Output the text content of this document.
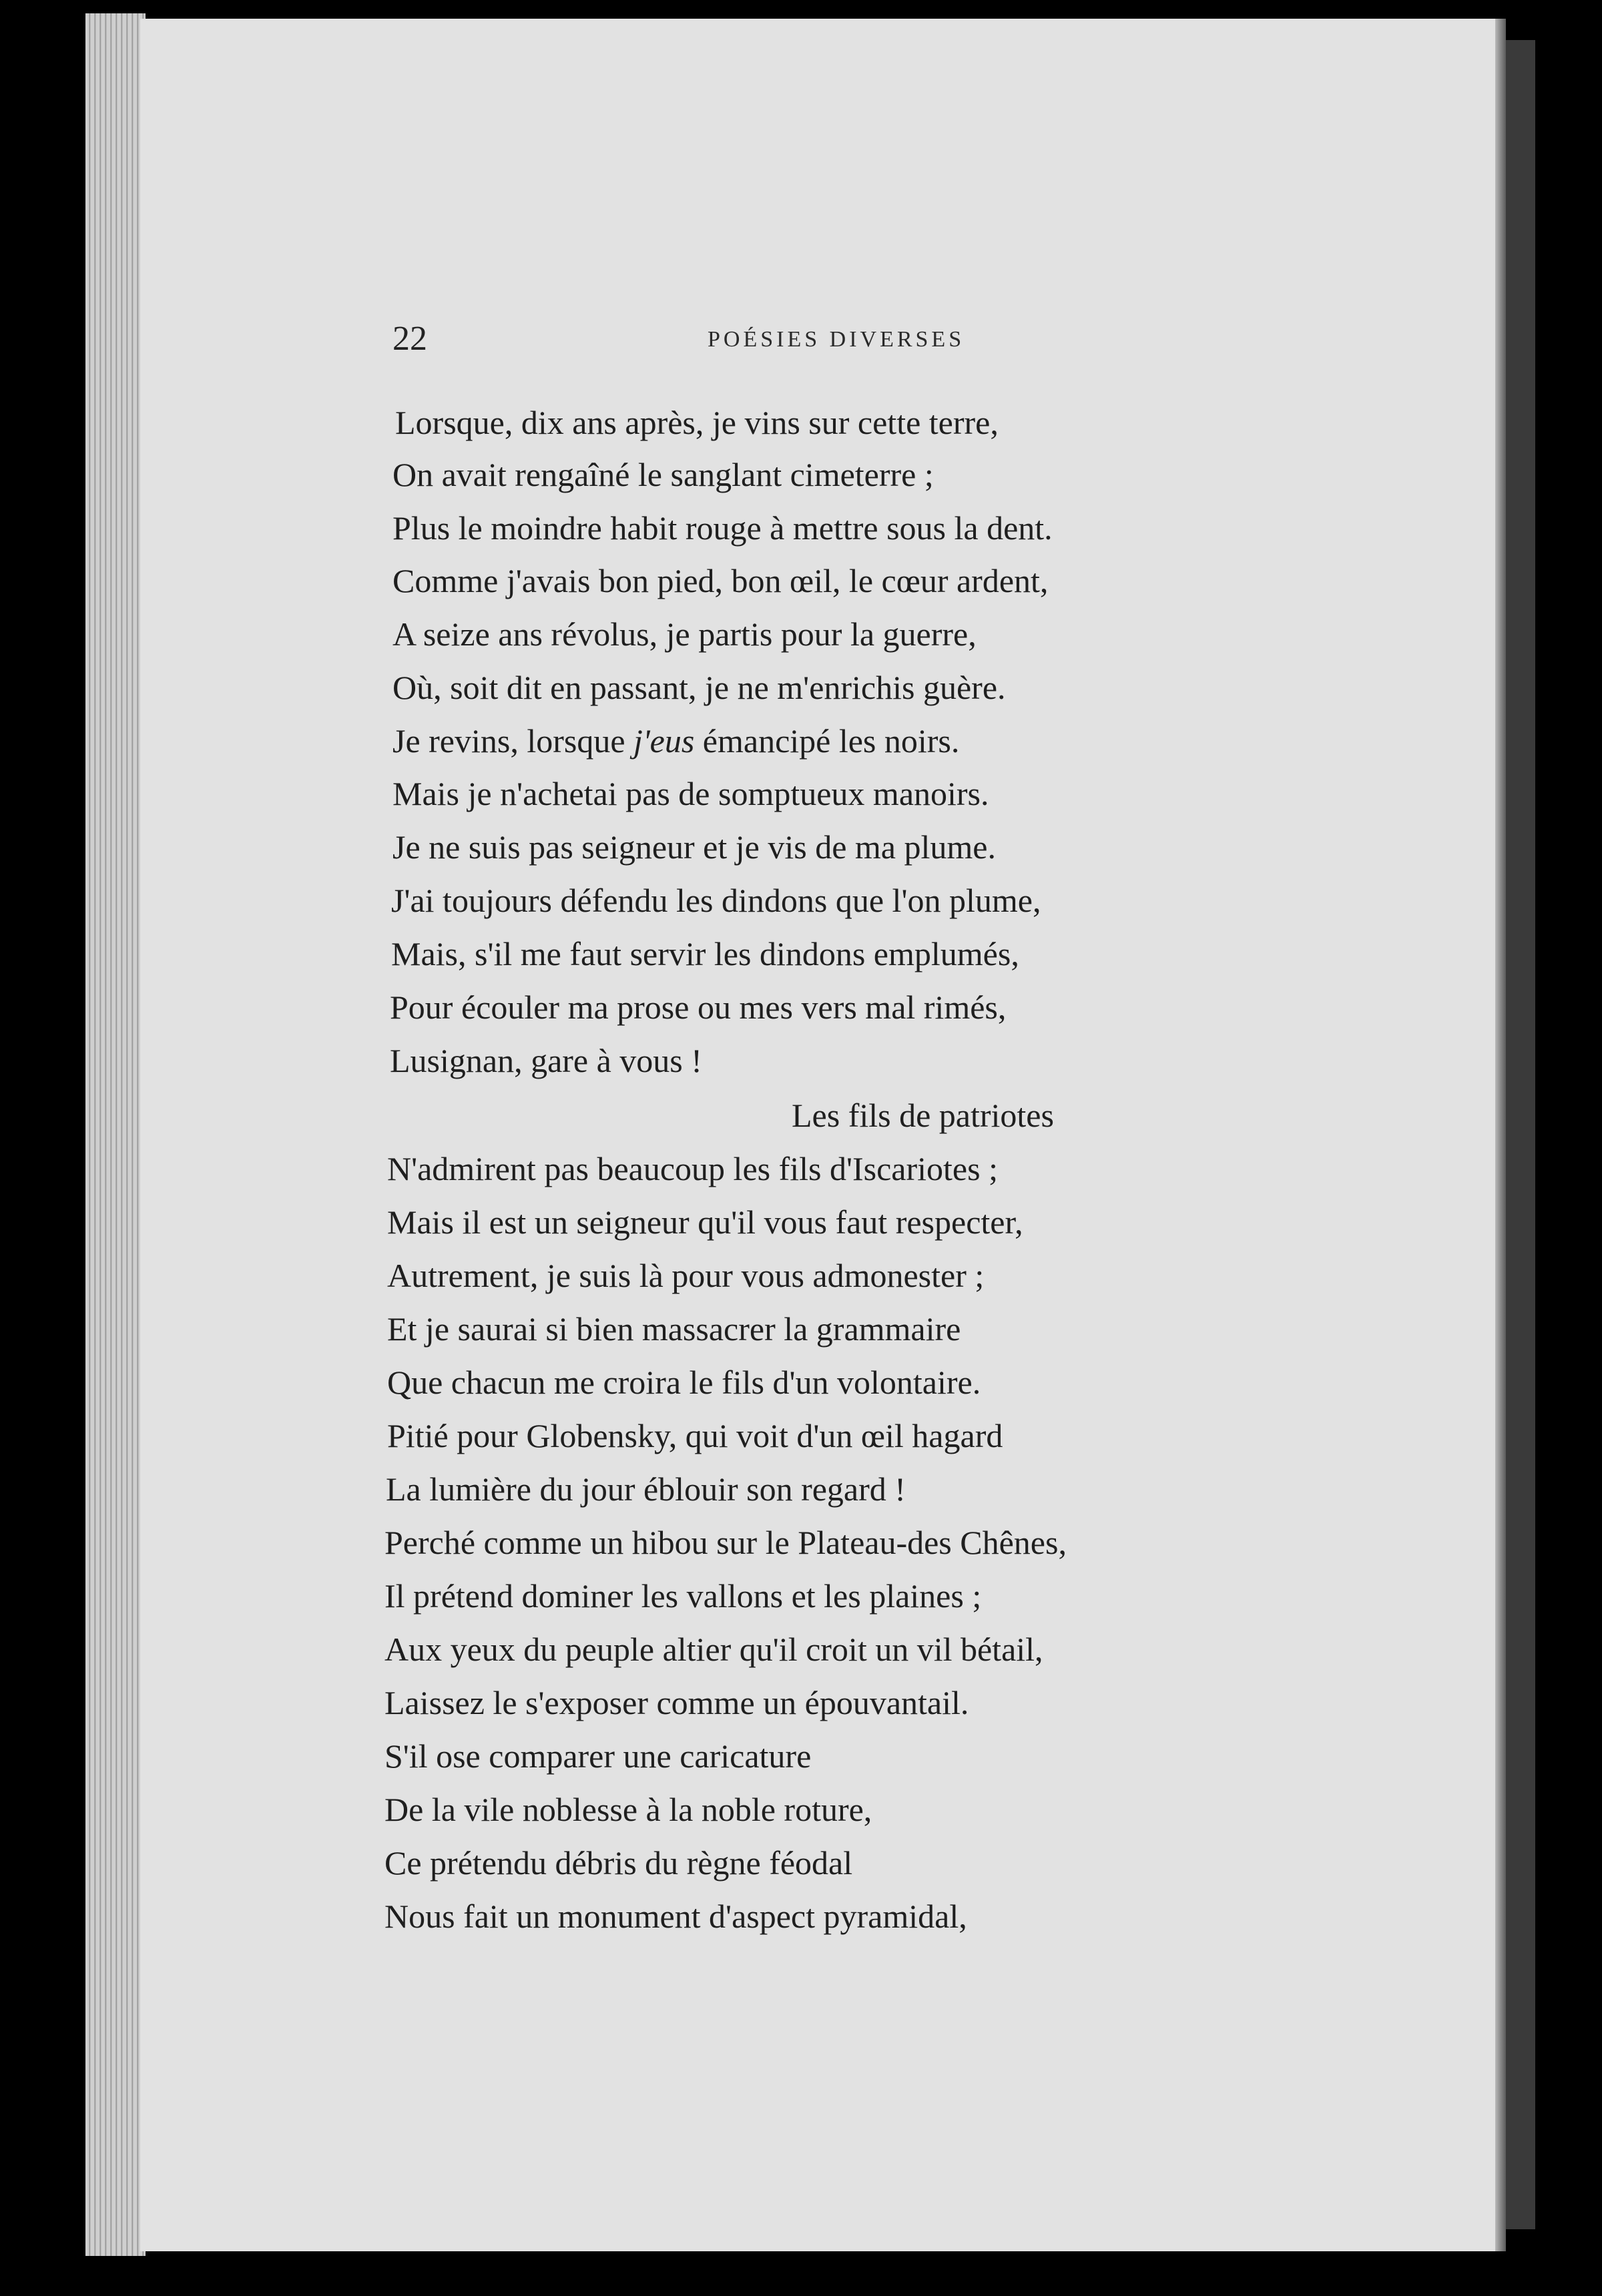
22	POÉSIES DIVERSES

Lorsque, dix ans après, je vins sur cette terre,

On avait rengaîné le sanglant cimeterre ;

Plus le moindre habit rouge à mettre sous la dent.

Comme j'avais bon pied, bon œil, le cœur ardent,

A seize ans révolus, je partis pour la guerre,

Où, soit dit en passant, je ne m'enrichis guère.

Je revins, lorsque j'eus émancipé les noirs.

Mais je n'achetai pas de somptueux manoirs.

Je ne suis pas seigneur et je vis de ma plume.

J'ai toujours défendu les dindons que l'on plume,

Mais, s'il me faut servir les dindons emplumés,

Pour écouler ma prose ou mes vers mal rimés,

Lusignan, gare à vous !

Les fils de patriotes

N'admirent pas beaucoup les fils d'Iscariotes ;

Mais il est un seigneur qu'il vous faut respecter,

Autrement, je suis là pour vous admonester ;

Et je saurai si bien massacrer la grammaire

Que chacun me croira le fils d'un volontaire.

Pitié pour Globensky, qui voit d'un œil hagard

La lumière du jour éblouir son regard !

Perché comme un hibou sur le Plateau-des Chênes,

Il prétend dominer les vallons et les plaines ;

Aux yeux du peuple altier qu'il croit un vil bétail,

Laissez le s'exposer comme un épouvantail.

S'il ose comparer une caricature

De la vile noblesse à la noble roture,

Ce prétendu débris du règne féodal

Nous fait un monument d'aspect pyramidal,
